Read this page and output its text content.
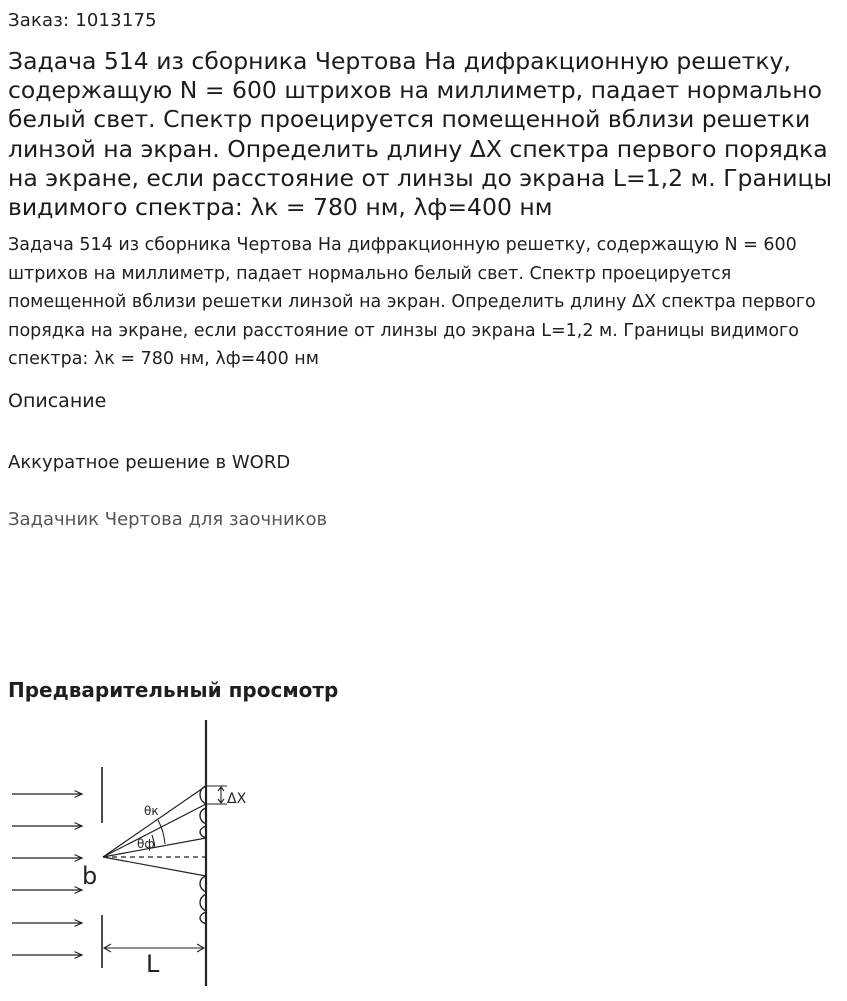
Заказ: 1013175
Задача 514 из сборника Чертова На дифракционную решетку, содержащую N = 600 штрихов на миллиметр, падает нормально белый свет. Спектр проецируется помещенной вблизи решетки линзой на экран. Определить длину ΔX спектра первого порядка на экране, если расстояние от линзы до экрана L=1,2 м. Границы видимого спектра: λк = 780 нм, λф=400 нм

Задача 514 из сборника Чертова На дифракционную решетку, содержащую N = 600 штрихов на миллиметр, падает нормально белый свет. Спектр проецируется помещенной вблизи решетки линзой на экран. Определить длину ΔX спектра первого порядка на экране, если расстояние от линзы до экрана L=1,2 м. Границы видимого спектра: λк = 780 нм, λф=400 нм

Описание
Аккуратное решение в WORD
Задачник Чертова для заочников
Предварительный просмотр
θк
θф
ΔX
b
L
